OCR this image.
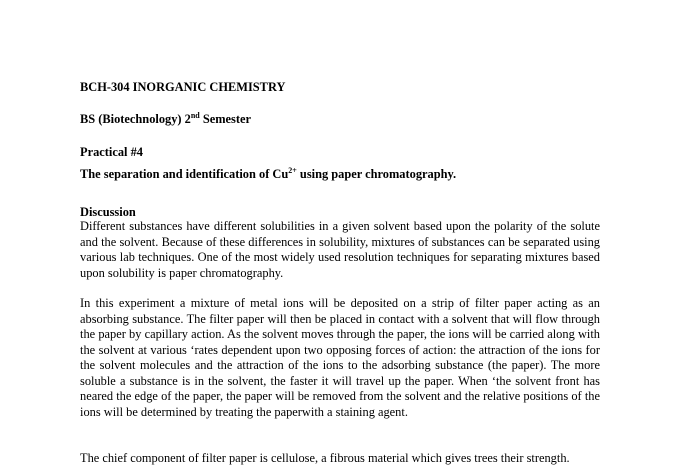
BCH-304 INORGANIC CHEMISTRY
BS (Biotechnology) 2nd Semester
Practical #4
The separation and identification of $Cu^{2+}$ using paper chromatography.
Discussion

Different substances have different solubilities in a given solvent based upon the polarity of the solute and the solvent. Because of these differences in solubility, mixtures of substances can be separated using various lab techniques. One of the most widely used resolution techniques for separating mixtures based upon solubility is paper chromatography.

In this experiment a mixture of metal ions will be deposited on a strip of filter paper acting as an absorbing substance. The filter paper will then be placed in contact with a solvent that will flow through the paper by capillary action. As the solvent moves through the paper, the ions will be carried along with the solvent at various ‘rates dependent upon two opposing forces of action: the attraction of the ions for the solvent molecules and the attraction of the ions to the adsorbing substance (the paper). The more soluble a substance is in the solvent, the faster it will travel up the paper. When ‘the solvent front has neared the edge of the paper, the paper will be removed from the solvent and the relative positions of the ions will be determined by treating the paperwith a staining agent.

The chief component of filter paper is cellulose, a fibrous material which gives trees their strength.
